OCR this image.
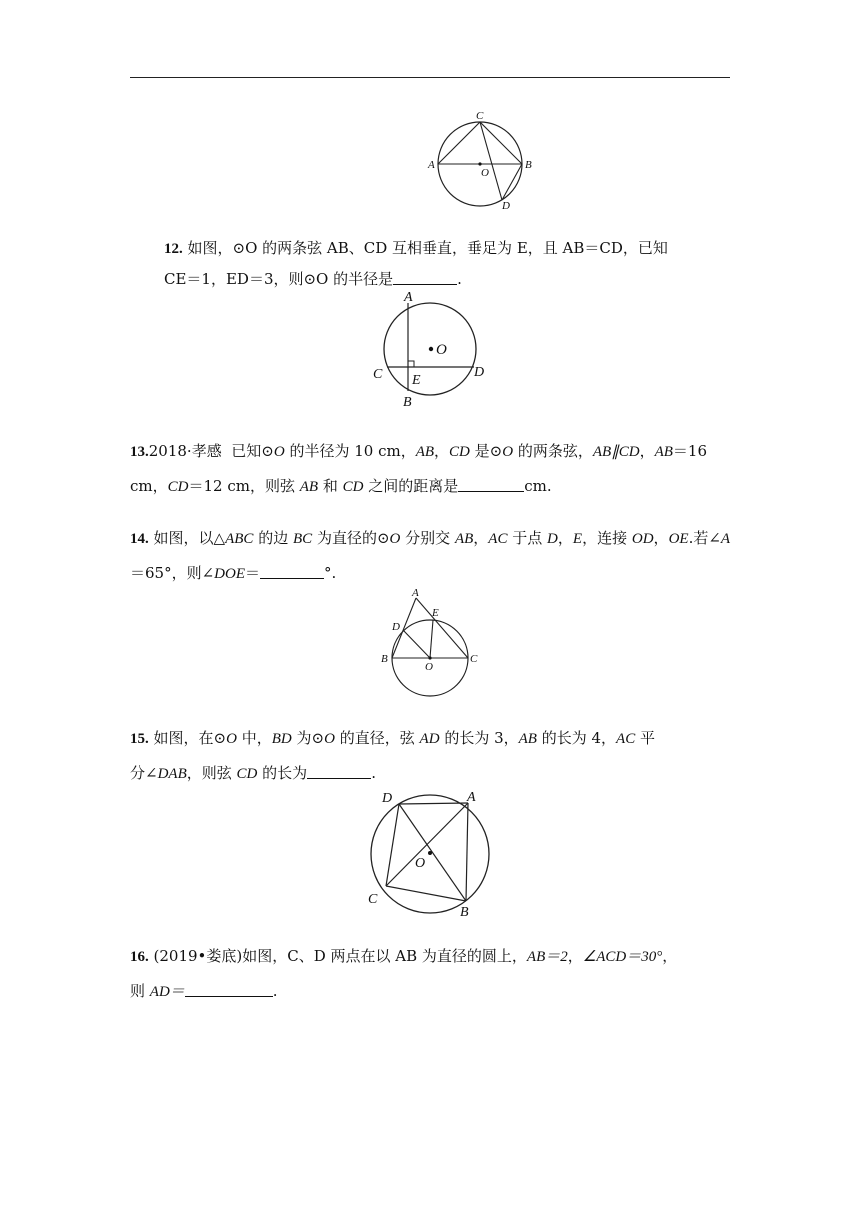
A	B
C
O
D

12. 如图，⊙O 的两条弦 AB、CD 互相垂直，垂足为 E，且 AB＝CD，已知

CE＝1，ED＝3，则⊙O 的半径是	.

A
O
C E
D
B

13.2018·孝感 已知⊙O 的半径为 10 cm，AB，CD 是⊙O 的两条弦，AB∥CD，AB＝16 cm，CD＝12 cm，则弦 AB 和 CD 之间的距离是	cm.

14. 如图，以△ABC 的边 BC 为直径的⊙O 分别交 AB，AC 于点 D，E，连接 OD，OE.若∠A＝65°，则∠DOE＝	°.

A
E
D
B
O
C

15. 如图，在⊙O 中，BD 为⊙O 的直径，弦 AD 的长为 3，AB 的长为 4，AC 平

分∠DAB，则弦 CD 的长为	.

D	A
O
C
B

16. (2019•娄底)如图，C、D 两点在以 AB 为直径的圆上，AB＝2，∠ACD＝30°，

则 AD＝	.
